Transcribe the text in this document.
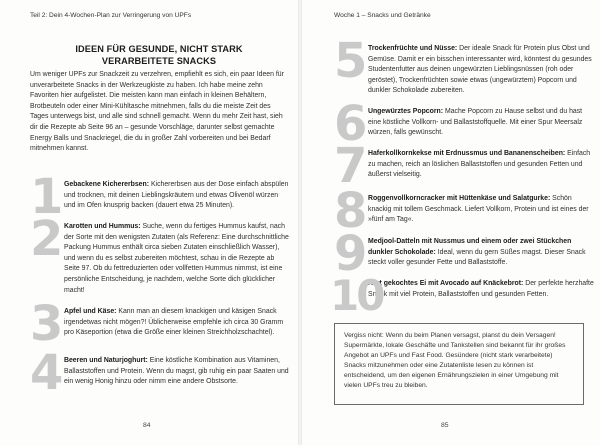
Teil 2: Dein 4-Wochen-Plan zur Verringerung von UPFs
IDEEN FÜR GESUNDE, NICHT STARK
VERARBEITETE SNACKS
Um weniger UPFs zur Snackzeit zu verzehren, empfiehlt es sich, ein paar Ideen für unverarbeitete Snacks in der Werkzeugkiste zu haben. Ich habe meine zehn Favoriten hier aufgelistet. Die meisten kann man einfach in kleinen Behältern, Brotbeuteln oder einer Mini-Kühltasche mitnehmen, falls du die meiste Zeit des Tages unterwegs bist, und alle sind schnell gemacht. Wenn du mehr Zeit hast, sieh dir die Rezepte ab Seite 96 an – gesunde Vorschläge, darunter selbst gemachte Energy Balls und Snackriegel, die du in großer Zahl vorbereiten und bei Bedarf mitnehmen kannst.
1 Gebackene Kichererbsen: Kichererbsen aus der Dose einfach abspülen und trocknen, mit deinen Lieblingskräutern und etwas Olivenöl würzen und im Ofen knusprig backen (dauert etwa 25 Minuten).
2 Karotten und Hummus: Suche, wenn du fertiges Hummus kaufst, nach der Sorte mit den wenigsten Zutaten (als Referenz: Eine durchschnittliche Packung Hummus enthält circa sieben Zutaten einschließlich Wasser), und wenn du es selbst zubereiten möchtest, schau in die Rezepte ab Seite 97. Ob du fettreduzierten oder vollfetten Hummus nimmst, ist eine persönliche Entscheidung, je nachdem, welche Sorte dich glücklicher macht!
3 Apfel und Käse: Kann man an diesem knackigen und käsigen Snack irgendetwas nicht mögen?! Üblicherweise empfehle ich circa 30 Gramm pro Käseportion (etwa die Größe einer kleinen Streichholzschachtel).
4 Beeren und Naturjoghurt: Eine köstliche Kombination aus Vitaminen, Ballaststoffen und Protein. Wenn du magst, gib ruhig ein paar Saaten und ein wenig Honig hinzu oder nimm eine andere Obstsorte.
84
Woche 1 – Snacks und Getränke
5 Trockenfrüchte und Nüsse: Der ideale Snack für Protein plus Obst und Gemüse. Damit er ein bisschen interessanter wird, könntest du gesundes Studentenfutter aus deinen ungewürzten Lieblingsnüssen (roh oder geröstet), Trockenfrüchten sowie etwas (ungewürztem) Popcorn und dunkler Schokolade zubereiten.
6 Ungewürztes Popcorn: Mache Popcorn zu Hause selbst und du hast eine köstliche Vollkorn- und Ballaststoffquelle. Mit einer Spur Meersalz würzen, falls gewünscht.
7 Haferkollkornkekse mit Erdnussmus und Bananenscheiben: Einfach zu machen, reich an löslichen Ballaststoffen und gesunden Fetten und äußerst vielseitig.
8 Roggenvollkorncracker mit Hüttenkäse und Salatgurke: Schön knackig mit tollem Geschmack. Liefert Vollkorn, Protein und ist eines der »fünf am Tag«.
9 Medjool-Datteln mit Nussmus und einem oder zwei Stückchen dunkler Schokolade: Ideal, wenn du gern Süßes magst. Dieser Snack steckt voller gesunder Fette und Ballaststoffe.
10
Hart gekochtes Ei mit Avocado auf Knäckebrot: Der perfekte herzhafte Snack mit viel Protein, Ballaststoffen und gesunden Fetten.

Vergiss nicht: Wenn du beim Planen versagst, planst du dein Versagen! Supermärkte, lokale Geschäfte und Tankstellen sind bekannt für ihr großes Angebot an UPFs und Fast Food. Gesündere (nicht stark verarbeitete) Snacks mitzunehmen oder eine Zutatenliste lesen zu können ist entscheidend, um den eigenen Ernährungszielen in einer Umgebung mit vielen UPFs treu zu bleiben.

85
